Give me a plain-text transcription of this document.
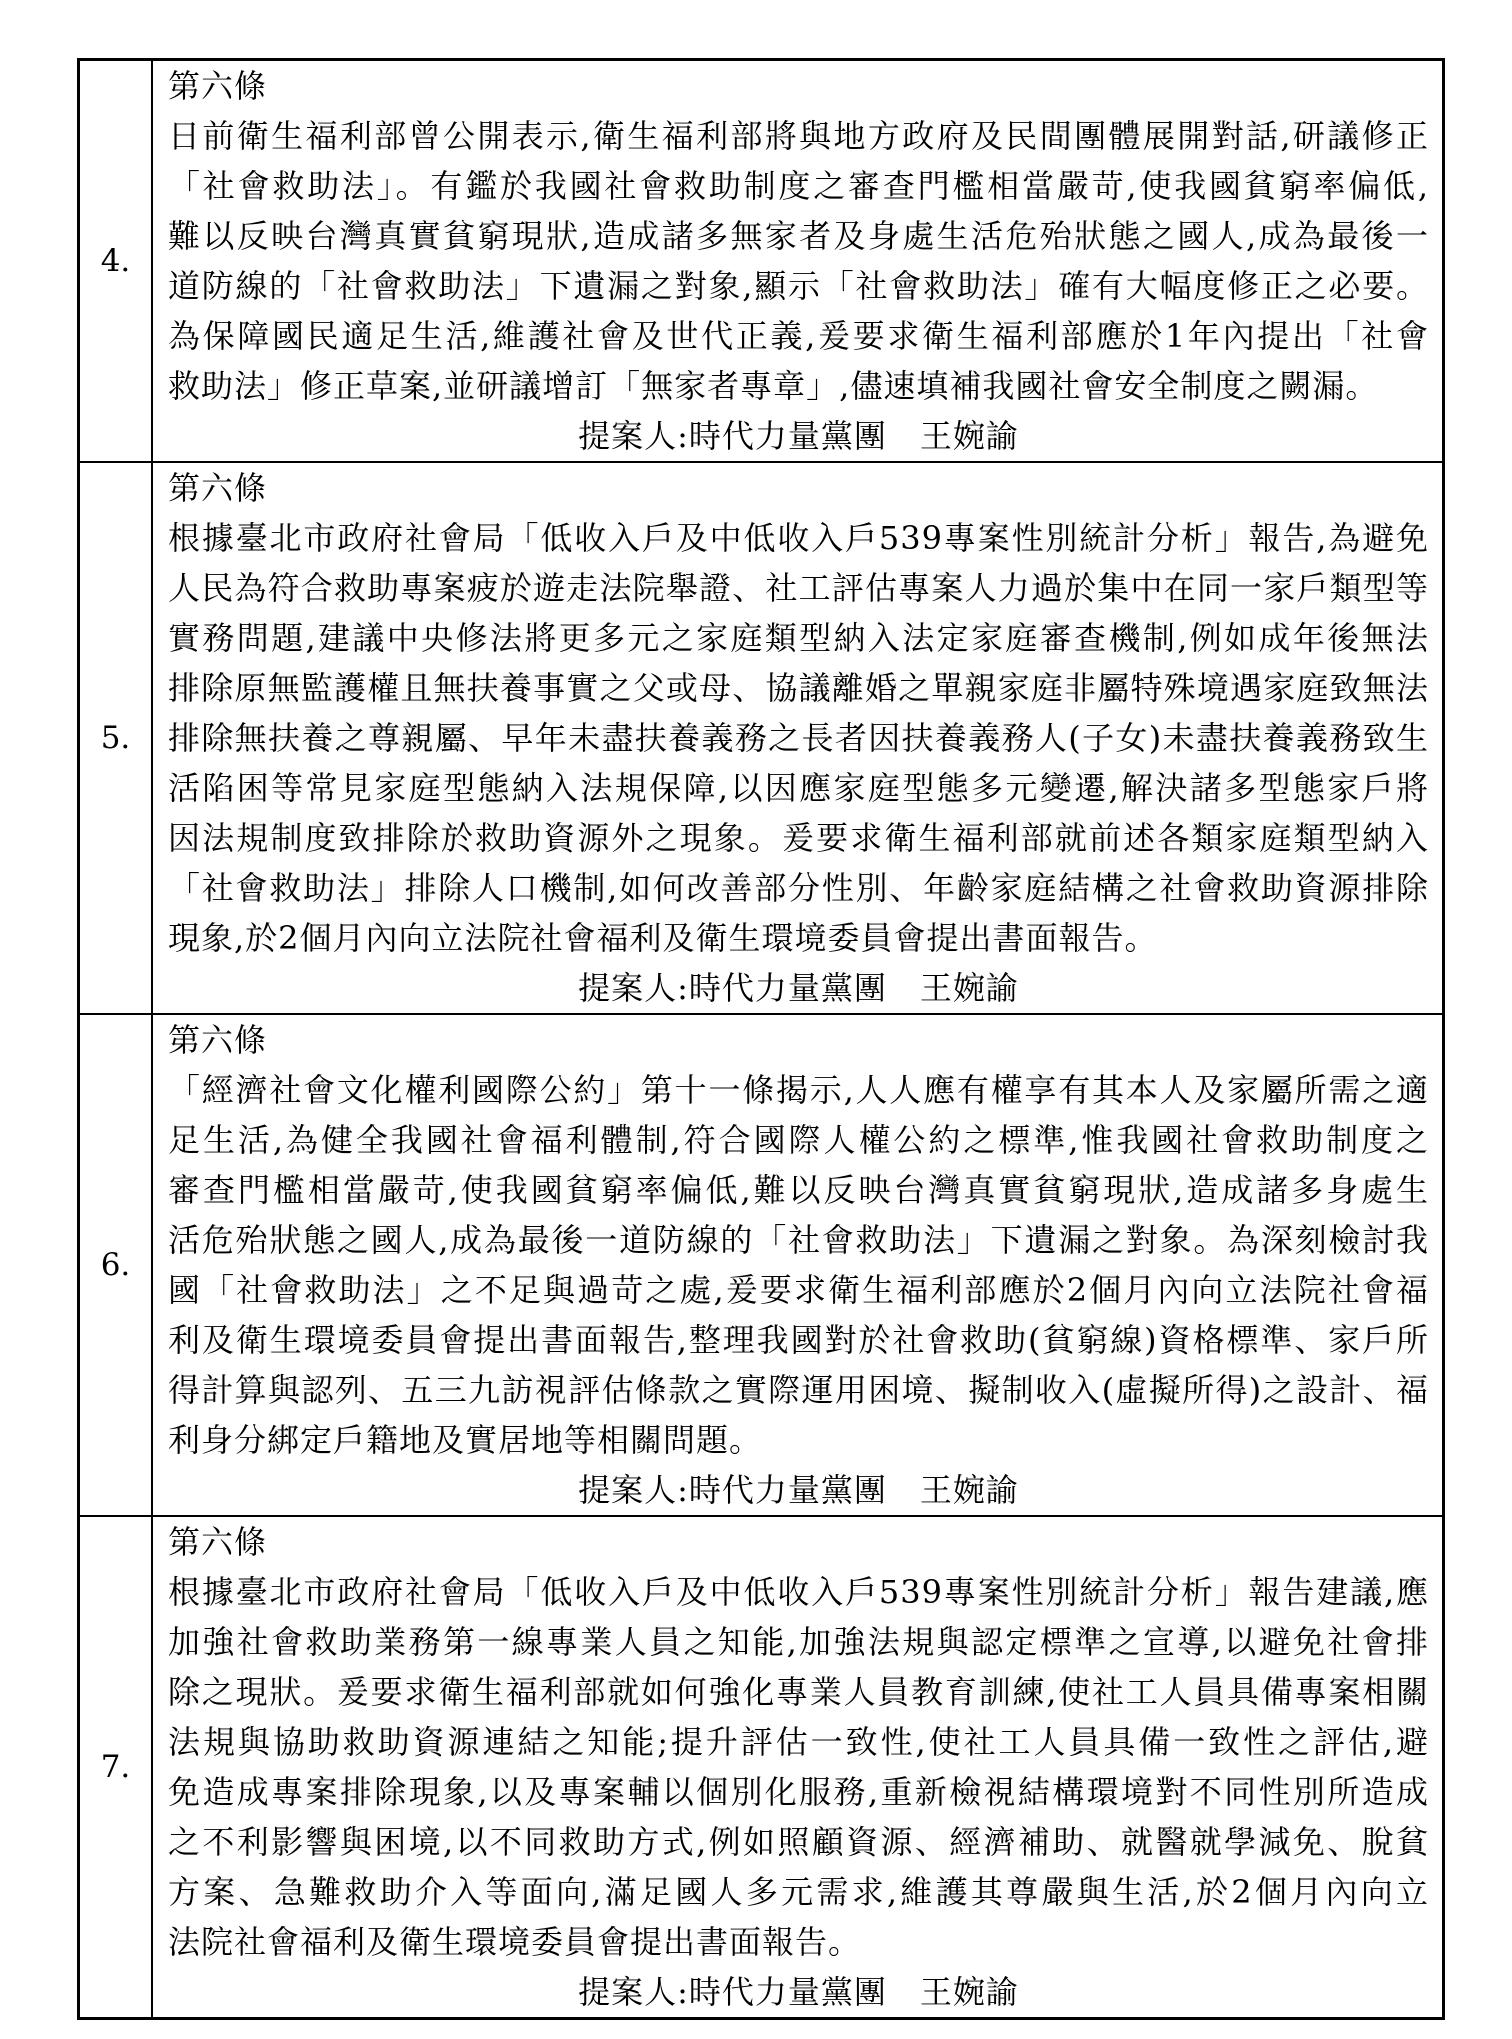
4.
第六條
日前衛生福利部曾公開表示,衛生福利部將與地方政府及民間團體展開對話,研議修正
「社會救助法」。有鑑於我國社會救助制度之審查門檻相當嚴苛,使我國貧窮率偏低,
難以反映台灣真實貧窮現狀,造成諸多無家者及身處生活危殆狀態之國人,成為最後一
道防線的「社會救助法」下遺漏之對象,顯示「社會救助法」確有大幅度修正之必要。
為保障國民適足生活,維護社會及世代正義,爰要求衛生福利部應於1年內提出「社會
救助法」修正草案,並研議增訂「無家者專章」,儘速填補我國社會安全制度之闕漏。
提案人:時代力量黨團　王婉諭
5.
第六條
根據臺北市政府社會局「低收入戶及中低收入戶539專案性別統計分析」報告,為避免
人民為符合救助專案疲於遊走法院舉證、社工評估專案人力過於集中在同一家戶類型等
實務問題,建議中央修法將更多元之家庭類型納入法定家庭審查機制,例如成年後無法
排除原無監護權且無扶養事實之父或母、協議離婚之單親家庭非屬特殊境遇家庭致無法
排除無扶養之尊親屬、早年未盡扶養義務之長者因扶養義務人(子女)未盡扶養義務致生
活陷困等常見家庭型態納入法規保障,以因應家庭型態多元變遷,解決諸多型態家戶將
因法規制度致排除於救助資源外之現象。爰要求衛生福利部就前述各類家庭類型納入
「社會救助法」排除人口機制,如何改善部分性別、年齡家庭結構之社會救助資源排除
現象,於2個月內向立法院社會福利及衛生環境委員會提出書面報告。
提案人:時代力量黨團　王婉諭
6.
第六條
「經濟社會文化權利國際公約」第十一條揭示,人人應有權享有其本人及家屬所需之適
足生活,為健全我國社會福利體制,符合國際人權公約之標準,惟我國社會救助制度之
審查門檻相當嚴苛,使我國貧窮率偏低,難以反映台灣真實貧窮現狀,造成諸多身處生
活危殆狀態之國人,成為最後一道防線的「社會救助法」下遺漏之對象。為深刻檢討我
國「社會救助法」之不足與過苛之處,爰要求衛生福利部應於2個月內向立法院社會福
利及衛生環境委員會提出書面報告,整理我國對於社會救助(貧窮線)資格標準、家戶所
得計算與認列、五三九訪視評估條款之實際運用困境、擬制收入(虛擬所得)之設計、福
利身分綁定戶籍地及實居地等相關問題。
提案人:時代力量黨團　王婉諭
7.
第六條
根據臺北市政府社會局「低收入戶及中低收入戶539專案性別統計分析」報告建議,應
加強社會救助業務第一線專業人員之知能,加強法規與認定標準之宣導,以避免社會排
除之現狀。爰要求衛生福利部就如何強化專業人員教育訓練,使社工人員具備專案相關
法規與協助救助資源連結之知能;提升評估一致性,使社工人員具備一致性之評估,避
免造成專案排除現象,以及專案輔以個別化服務,重新檢視結構環境對不同性別所造成
之不利影響與困境,以不同救助方式,例如照顧資源、經濟補助、就醫就學減免、脫貧
方案、急難救助介入等面向,滿足國人多元需求,維護其尊嚴與生活,於2個月內向立
法院社會福利及衛生環境委員會提出書面報告。
提案人:時代力量黨團　王婉諭
